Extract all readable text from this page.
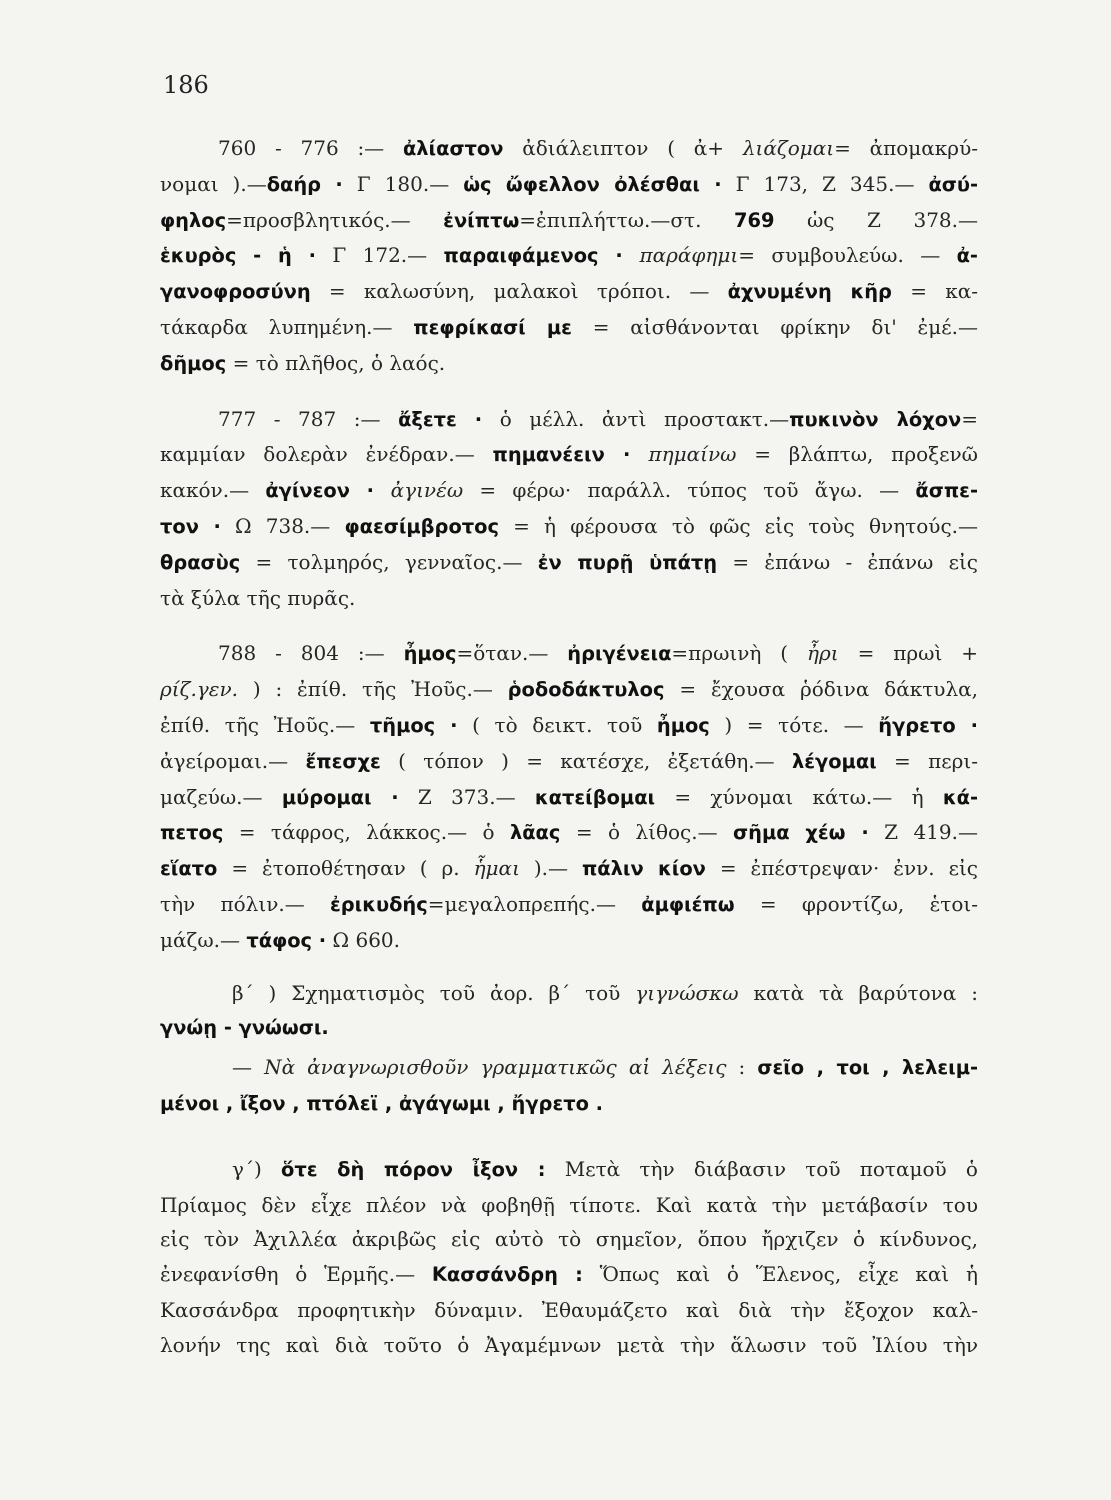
186
760 - 776 :— ἀλίαστον ἀδιάλειπτον ( ἀ+ λιάζομαι= ἀπομακρύ-
νομαι ).—δαήρ · Γ 180.— ὡς ὤφελλον ὀλέσθαι · Γ 173, Ζ 345.— ἀσύ-
φηλος=προσβλητικός.— ἐνίπτω=ἐπιπλήττω.—στ. 769 ὡς Ζ 378.—
ἑκυρὸς - ἡ · Γ 172.— παραιφάμενος · παράφημι= συμβουλεύω. — ἀ-
γανοφροσύνη = καλωσύνη, μαλακοὶ τρόποι. — ἀχνυμένη κῆρ = κα-
τάκαρδα λυπημένη.— πεφρίκασί με = αἰσθάνονται φρίκην δι' ἐμέ.—
δῆμος = τὸ πλῆθος, ὁ λαός.
777 - 787 :— ἄξετε · ὁ μέλλ. ἀντὶ προστακτ.—πυκινὸν λόχον=
καμμίαν δολερὰν ἐνέδραν.— πημανέειν · πημαίνω = βλάπτω, προξενῶ
κακόν.— ἀγίνεον · ἀγινέω = φέρω· παράλλ. τύπος τοῦ ἄγω. — ἄσπε-
τον · Ω 738.— φαεσίμβροτος = ἡ φέρουσα τὸ φῶς εἰς τοὺς θνητούς.—
θρασὺς = τολμηρός, γενναῖος.— ἐν πυρῇ ὑπάτῃ = ἐπάνω - ἐπάνω εἰς
τὰ ξύλα τῆς πυρᾶς.
788 - 804 :— ἦμος=ὅταν.— ἠριγένεια=πρωινὴ ( ἦρι = πρωὶ +
ρίζ.γεν. ) : ἐπίθ. τῆς Ἠοῦς.— ῥοδοδάκτυλος = ἔχουσα ῥόδινα δάκτυλα,
ἐπίθ. τῆς Ἠοῦς.— τῆμος · ( τὸ δεικτ. τοῦ ἦμος ) = τότε. — ἤγρετο ·
ἀγείρομαι.— ἔπεσχε ( τόπον ) = κατέσχε, ἐξετάθη.— λέγομαι = περι-
μαζεύω.— μύρομαι · Ζ 373.— κατείβομαι = χύνομαι κάτω.— ἡ κά-
πετος = τάφρος, λάκκος.— ὁ λᾶας = ὁ λίθος.— σῆμα χέω · Ζ 419.—
εἵατο = ἐτοποθέτησαν ( ρ. ἧμαι ).— πάλιν κίον = ἐπέστρεψαν· ἐνν. εἰς
τὴν πόλιν.— ἐρικυδής=μεγαλοπρεπής.— ἀμφιέπω = φροντίζω, ἑτοι-
μάζω.— τάφος · Ω 660.
β΄ ) Σχηματισμὸς τοῦ ἀορ. β΄ τοῦ γιγνώσκω κατὰ τὰ βαρύτονα :
γνώῃ - γνώωσι.
— Νὰ ἀναγνωρισθοῦν γραμματικῶς αἱ λέξεις : σεῖο , τοι , λελειμ-
μένοι , ἴξον , πτόλεϊ , ἀγάγωμι , ἤγρετο .
γ΄) ὅτε δὴ πόρον ἶξον : Μετὰ τὴν διάβασιν τοῦ ποταμοῦ ὁ
Πρίαμος δὲν εἶχε πλέον νὰ φοβηθῇ τίποτε. Καὶ κατὰ τὴν μετάβασίν του
εἰς τὸν Ἀχιλλέα ἀκριβῶς εἰς αὐτὸ τὸ σημεῖον, ὅπου ἤρχιζεν ὁ κίνδυνος,
ἐνεφανίσθη ὁ Ἑρμῆς.— Κασσάνδρη : Ὅπως καὶ ὁ Ἕλενος, εἶχε καὶ ἡ
Κασσάνδρα προφητικὴν δύναμιν. Ἐθαυμάζετο καὶ διὰ τὴν ἔξοχον καλ-
λονήν της καὶ διὰ τοῦτο ὁ Ἀγαμέμνων μετὰ τὴν ἅλωσιν τοῦ Ἰλίου τὴν
